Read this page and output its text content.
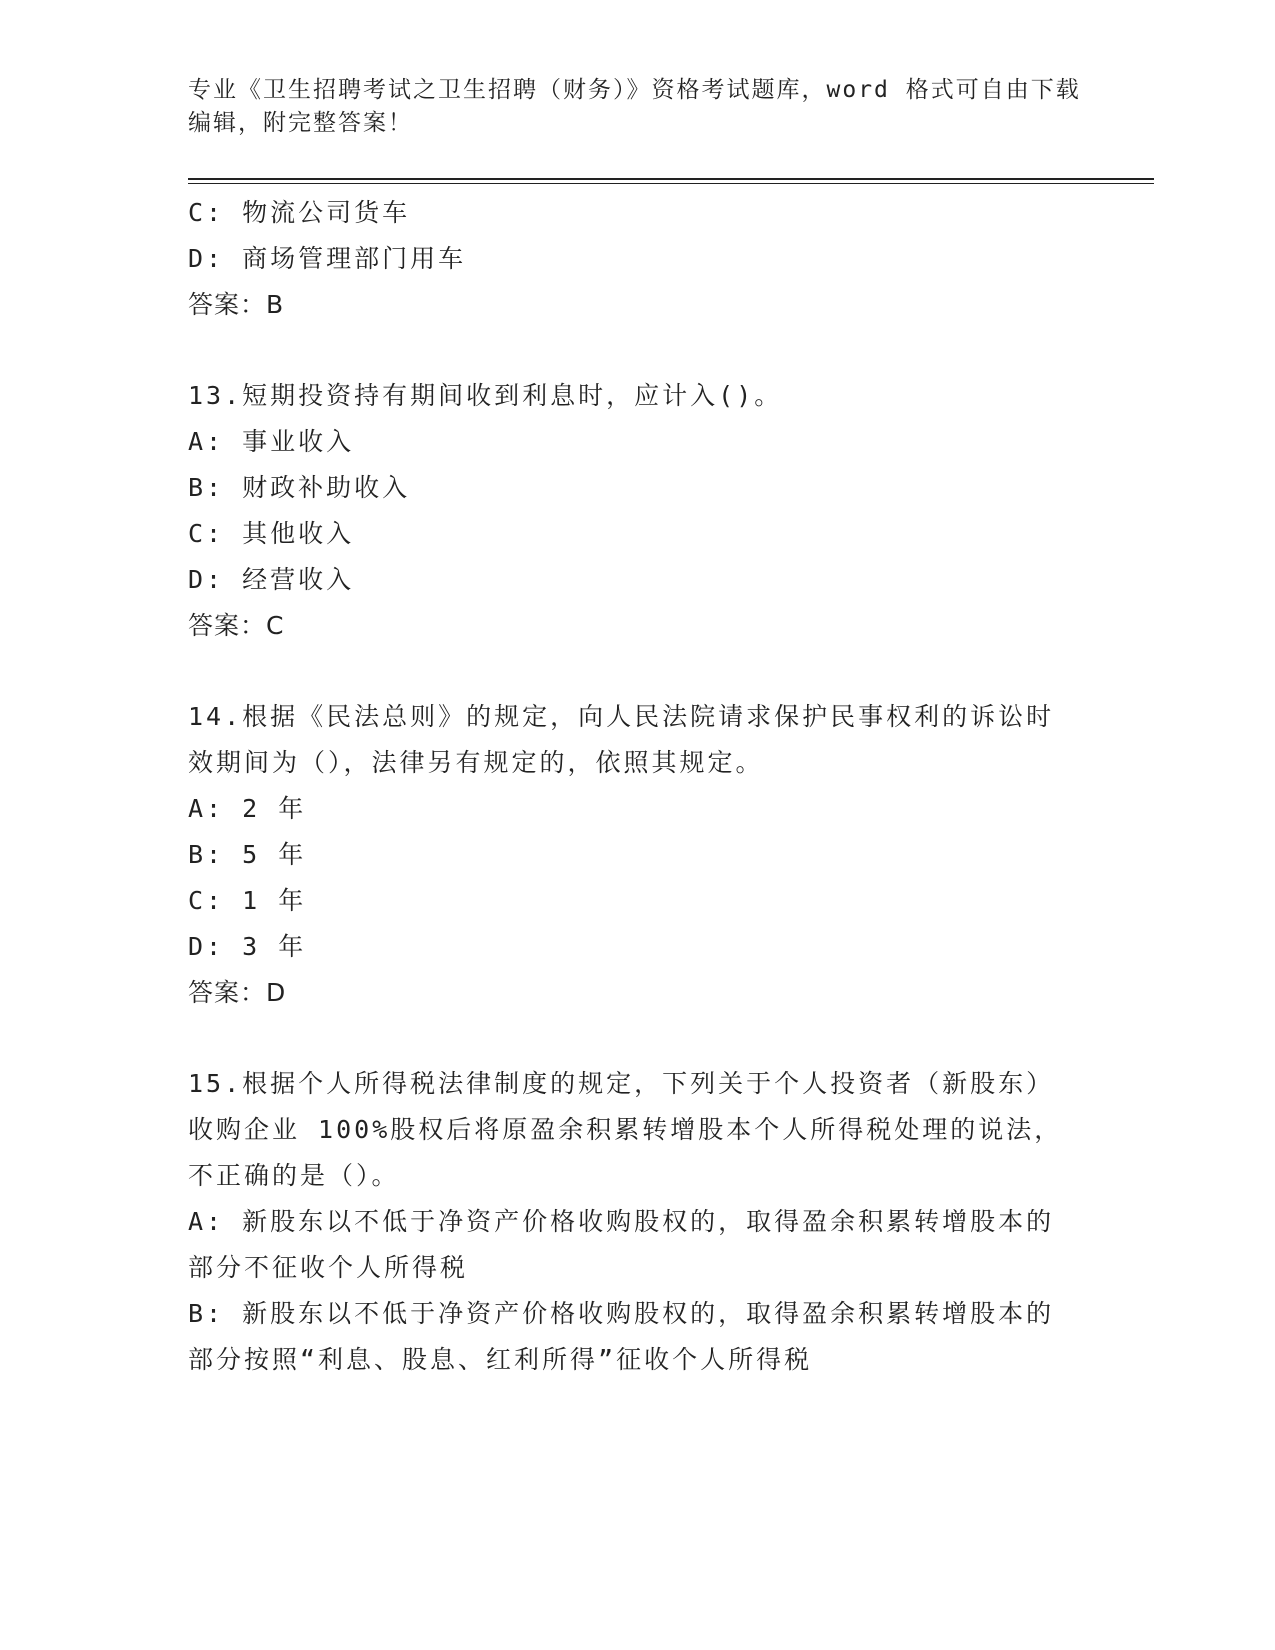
专业《卫生招聘考试之卫生招聘（财务）》资格考试题库，word 格式可自由下载
编辑，附完整答案！
C: 物流公司货车
D: 商场管理部门用车
答案：B
13.短期投资持有期间收到利息时，应计入()。
A: 事业收入
B: 财政补助收入
C: 其他收入
D: 经营收入
答案：C
14.根据《民法总则》的规定，向人民法院请求保护民事权利的诉讼时
效期间为（），法律另有规定的，依照其规定。
A: 2 年
B: 5 年
C: 1 年
D: 3 年
答案：D
15.根据个人所得税法律制度的规定，下列关于个人投资者（新股东）
收购企业 100%股权后将原盈余积累转增股本个人所得税处理的说法，
不正确的是（）。
A: 新股东以不低于净资产价格收购股权的，取得盈余积累转增股本的
部分不征收个人所得税
B: 新股东以不低于净资产价格收购股权的，取得盈余积累转增股本的
部分按照“利息、股息、红利所得”征收个人所得税
